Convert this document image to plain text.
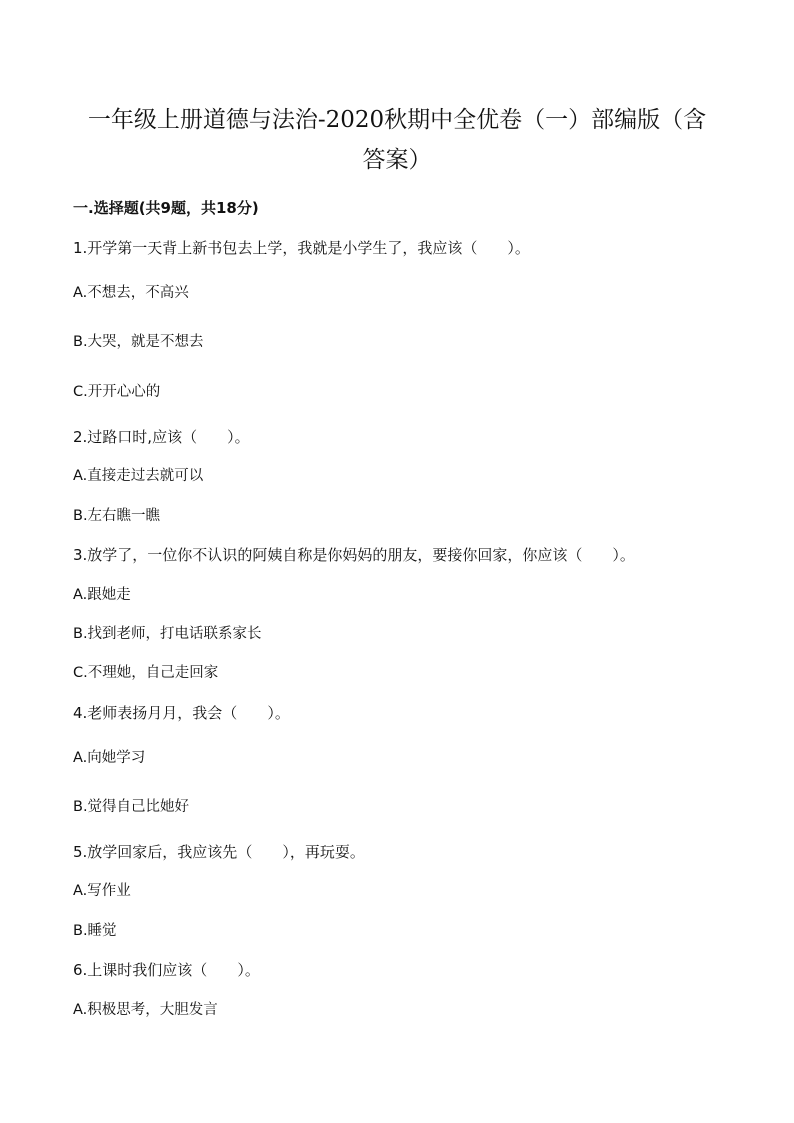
一年级上册道德与法治-2020秋期中全优卷（一）部编版（含
答案）
一.选择题(共9题，共18分)
1.开学第一天背上新书包去上学，我就是小学生了，我应该（　　）。
A.不想去，不高兴
B.大哭，就是不想去
C.开开心心的
2.过路口时,应该（　　）。
A.直接走过去就可以
B.左右瞧一瞧
3.放学了，一位你不认识的阿姨自称是你妈妈的朋友，要接你回家，你应该（　　）。
A.跟她走
B.找到老师，打电话联系家长
C.不理她，自己走回家
4.老师表扬月月，我会（　　）。
A.向她学习
B.觉得自己比她好
5.放学回家后，我应该先（　　），再玩耍。
A.写作业
B.睡觉
6.上课时我们应该（　　）。
A.积极思考，大胆发言
